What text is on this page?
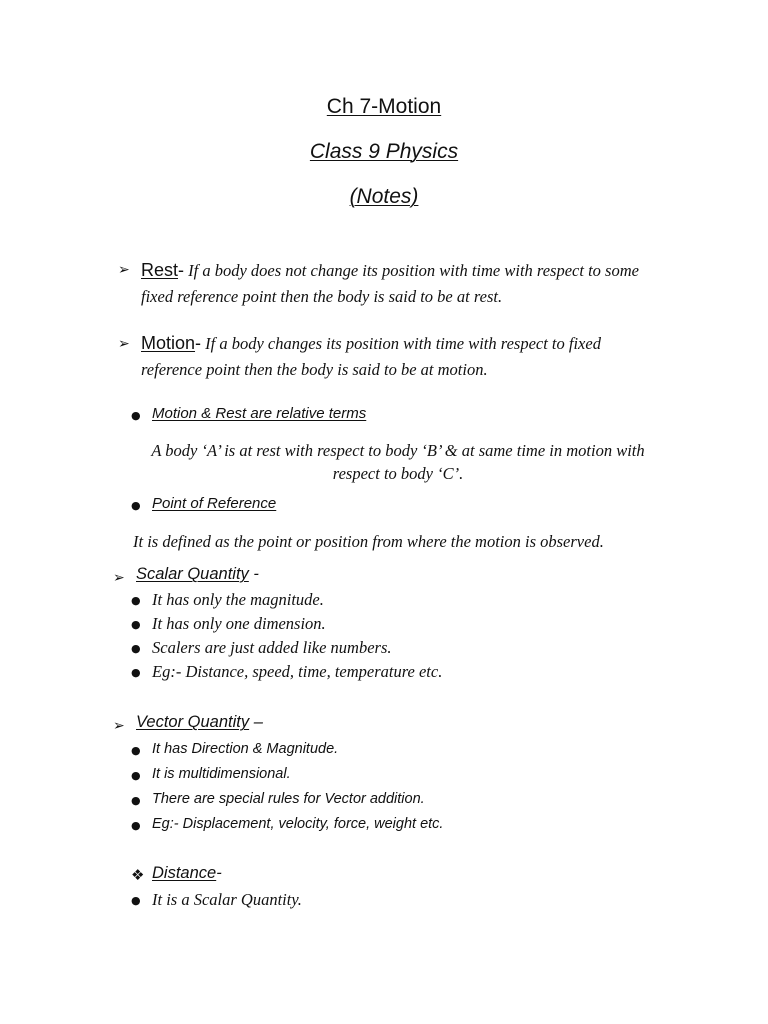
Ch 7-Motion
Class 9 Physics
(Notes)
➢ Rest- If a body does not change its position with time with respect to some
fixed reference point then the body is said to be at rest.
➢ Motion- If a body changes its position with time with respect to fixed
reference point then the body is said to be at motion.
● Motion & Rest are relative terms
A body ‘A’ is at rest with respect to body ‘B’ & at same time in motion with
respect to body ‘C’.
● Point of Reference
It is defined as the point or position from where the motion is observed.
➢ Scalar Quantity -
● It has only the magnitude.
● It has only one dimension.
● Scalers are just added like numbers.
● Eg:- Distance, speed, time, temperature etc.
➢ Vector Quantity –
● It has Direction & Magnitude.
● It is multidimensional.
● There are special rules for Vector addition.
● Eg:- Displacement, velocity, force, weight etc.
❖ Distance-
● It is a Scalar Quantity.
